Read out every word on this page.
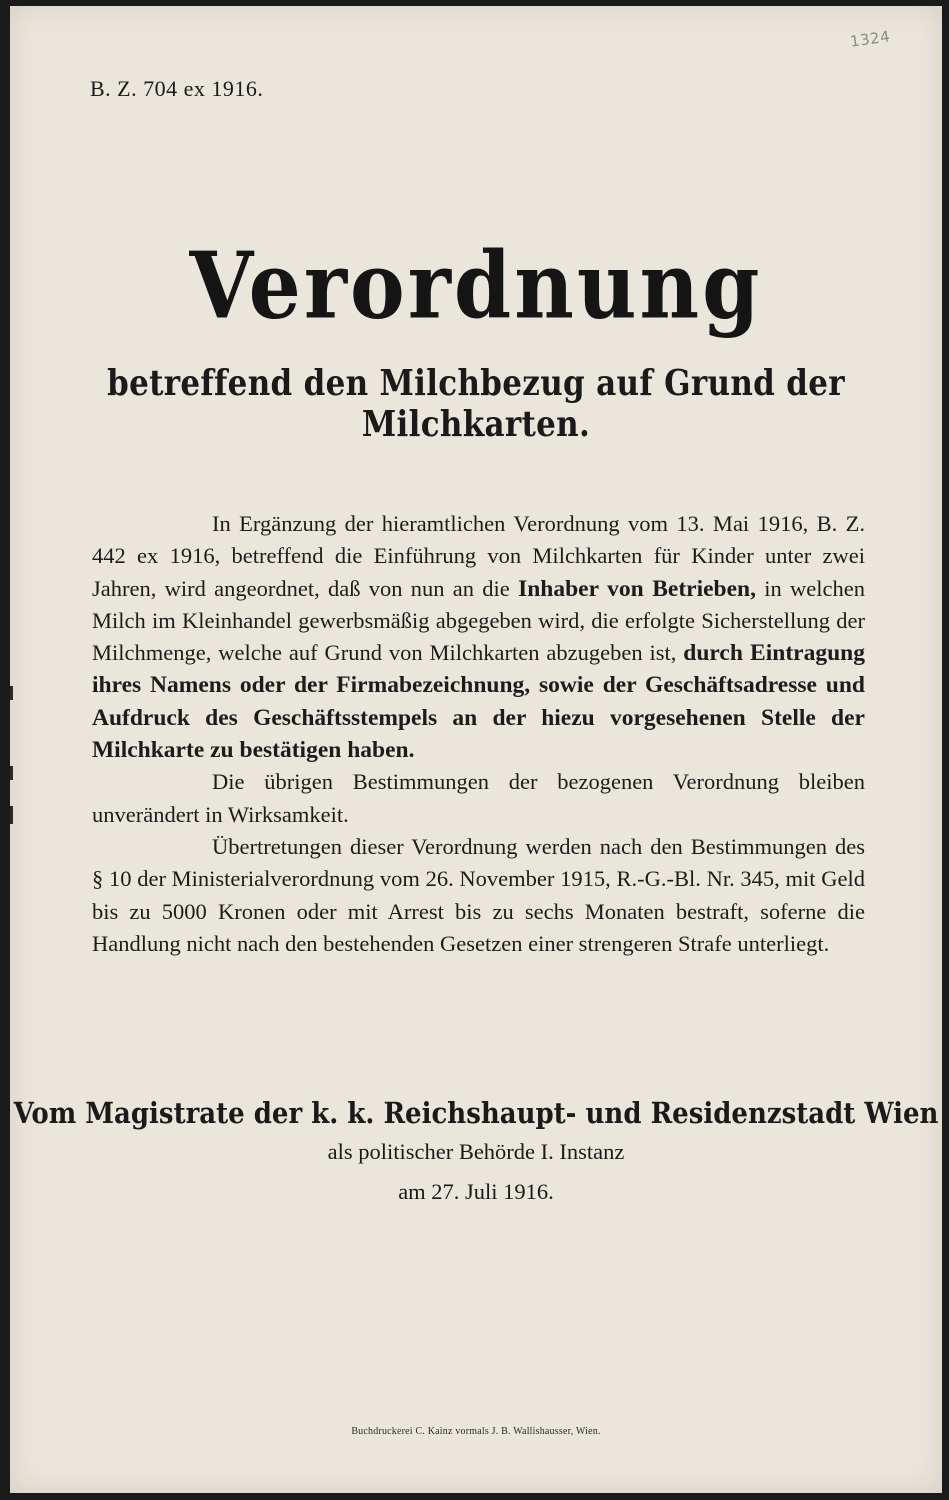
1324
B. Z. 704 ex 1916.
Verordnung
betreffend den Milchbezug auf Grund der Milchkarten.

In Ergänzung der hieramtlichen Verordnung vom 13. Mai 1916, B. Z. 442 ex 1916, betreffend die Einführung von Milchkarten für Kinder unter zwei Jahren, wird angeordnet, daß von nun an die Inhaber von Betrieben, in welchen Milch im Kleinhandel gewerbsmäßig abgegeben wird, die erfolgte Sicherstellung der Milchmenge, welche auf Grund von Milchkarten abzugeben ist, durch Eintragung ihres Namens oder der Firmabezeichnung, sowie der Geschäftsadresse und Aufdruck des Geschäftsstempels an der hiezu vorgesehenen Stelle der Milchkarte zu bestätigen haben.

Die übrigen Bestimmungen der bezogenen Verordnung bleiben unverändert in Wirksamkeit.

Übertretungen dieser Verordnung werden nach den Bestimmungen des § 10 der Ministerialverordnung vom 26. November 1915, R.-G.-Bl. Nr. 345, mit Geld bis zu 5000 Kronen oder mit Arrest bis zu sechs Monaten bestraft, soferne die Handlung nicht nach den bestehenden Gesetzen einer strengeren Strafe unterliegt.

Vom Magistrate der k. k. Reichshaupt- und Residenzstadt Wien
als politischer Behörde I. Instanz
am 27. Juli 1916.
Buchdruckerei C. Kainz vormals J. B. Wallishausser, Wien.
